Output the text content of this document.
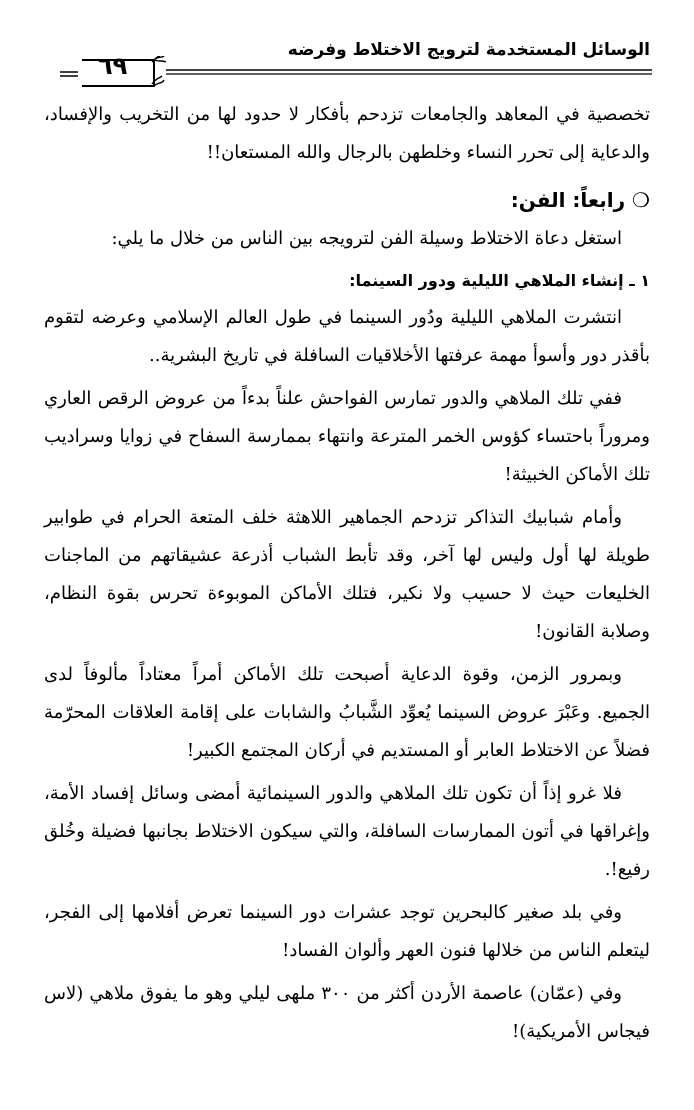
الوسائل المستخدمة لترويج الاختلاط وفرضه
٦٩

تخصصية في المعاهد والجامعات تزدحم بأفكار لا حدود لها من التخريب والإفساد، والدعاية إلى تحرر النساء وخلطهن بالرجال والله المستعان!!

❍ رابعاً: الفن:

استغل دعاة الاختلاط وسيلة الفن لترويجه بين الناس من خلال ما يلي:

١ ـ إنشاء الملاهي الليلية ودور السينما:

انتشرت الملاهي الليلية ودُور السينما في طول العالم الإسلامي وعرضه لتقوم بأقذر دور وأسوأ مهمة عرفتها الأخلاقيات السافلة في تاريخ البشرية..

ففي تلك الملاهي والدور تمارس الفواحش علناً بدءاً من عروض الرقص العاري ومروراً باحتساء كؤوس الخمر المترعة وانتهاء بممارسة السفاح في زوايا وسراديب تلك الأماكن الخبيثة!

وأمام شبابيك التذاكر تزدحم الجماهير اللاهثة خلف المتعة الحرام في طوابير طويلة لها أول وليس لها آخر، وقد تأبط الشباب أذرعة عشيقاتهم من الماجنات الخليعات حيث لا حسيب ولا نكير، فتلك الأماكن الموبوءة تحرس بقوة النظام، وصلابة القانون!

وبمرور الزمن، وقوة الدعاية أصبحت تلك الأماكن أمراً معتاداً مألوفاً لدى الجميع. وعَبْرَ عروض السينما يُعوِّد الشَّبابُ والشابات على إقامة العلاقات المحرّمة فضلاً عن الاختلاط العابر أو المستديم في أركان المجتمع الكبير!

فلا غرو إذاً أن تكون تلك الملاهي والدور السينمائية أمضى وسائل إفساد الأمة، وإغراقها في أتون الممارسات السافلة، والتي سيكون الاختلاط بجانبها فضيلة وخُلق رفيع!.

وفي بلد صغير كالبحرين توجد عشرات دور السينما تعرض أفلامها إلى الفجر، ليتعلم الناس من خلالها فنون العهر وألوان الفساد!

وفي (عمّان) عاصمة الأردن أكثر من ٣٠٠ ملهى ليلي وهو ما يفوق ملاهي (لاس فيجاس الأمريكية)!
